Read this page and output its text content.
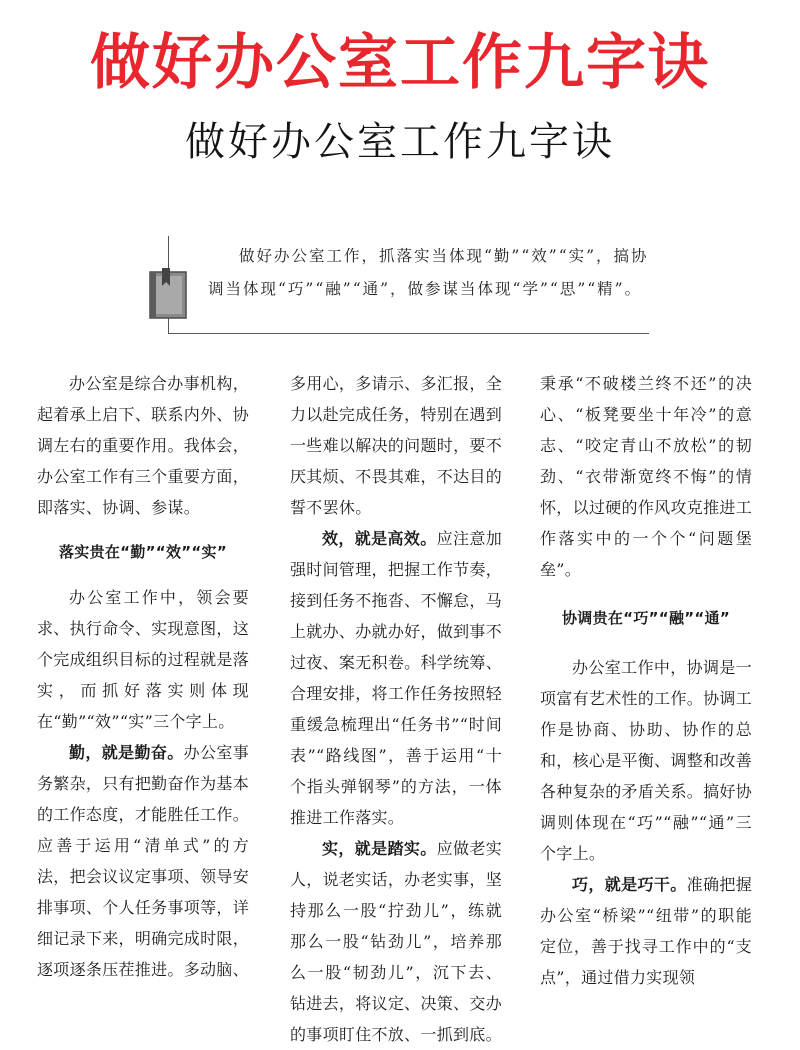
做好办公室工作九字诀
做好办公室工作九字诀
做好办公室工作，抓落实当体现“勤”“效”“实”，搞协调当体现“巧”“融”“通”，做参谋当体现“学”“思”“精”。

办公室是综合办事机构，起着承上启下、联系内外、协调左右的重要作用。我体会，办公室工作有三个重要方面，即落实、协调、参谋。

落实贵在“勤”“效”“实”

办公室工作中，领会要求、执行命令、实现意图，这个完成组织目标的过程就是落实，而抓好落实则体现在“勤”“效”“实”三个字上。

勤，就是勤奋。办公室事务繁杂，只有把勤奋作为基本的工作态度，才能胜任工作。应善于运用“清单式”的方法，把会议议定事项、领导安排事项、个人任务事项等，详细记录下来，明确完成时限，逐项逐条压茬推进。多动脑、

多用心，多请示、多汇报，全力以赴完成任务，特别在遇到一些难以解决的问题时，要不厌其烦、不畏其难，不达目的誓不罢休。

效，就是高效。应注意加强时间管理，把握工作节奏，接到任务不拖沓、不懈怠，马上就办、办就办好，做到事不过夜、案无积卷。科学统筹、合理安排，将工作任务按照轻重缓急梳理出“任务书”“时间表”“路线图”，善于运用“十个指头弹钢琴”的方法，一体推进工作落实。

实，就是踏实。应做老实人，说老实话，办老实事，坚持那么一股“拧劲儿”，练就那么一股“钻劲儿”，培养那么一股“韧劲儿”，沉下去、钻进去，将议定、决策、交办的事项盯住不放、一抓到底。

秉承“不破楼兰终不还”的决心、“板凳要坐十年冷”的意志、“咬定青山不放松”的韧劲、“衣带渐宽终不悔”的情怀，以过硬的作风攻克推进工作落实中的一个个“问题堡垒”。

协调贵在“巧”“融”“通”

办公室工作中，协调是一项富有艺术性的工作。协调工作是协商、协助、协作的总和，核心是平衡、调整和改善各种复杂的矛盾关系。搞好协调则体现在“巧”“融”“通”三个字上。

巧，就是巧干。准确把握办公室“桥梁”“纽带”的职能定位，善于找寻工作中的“支点”，通过借力实现领
